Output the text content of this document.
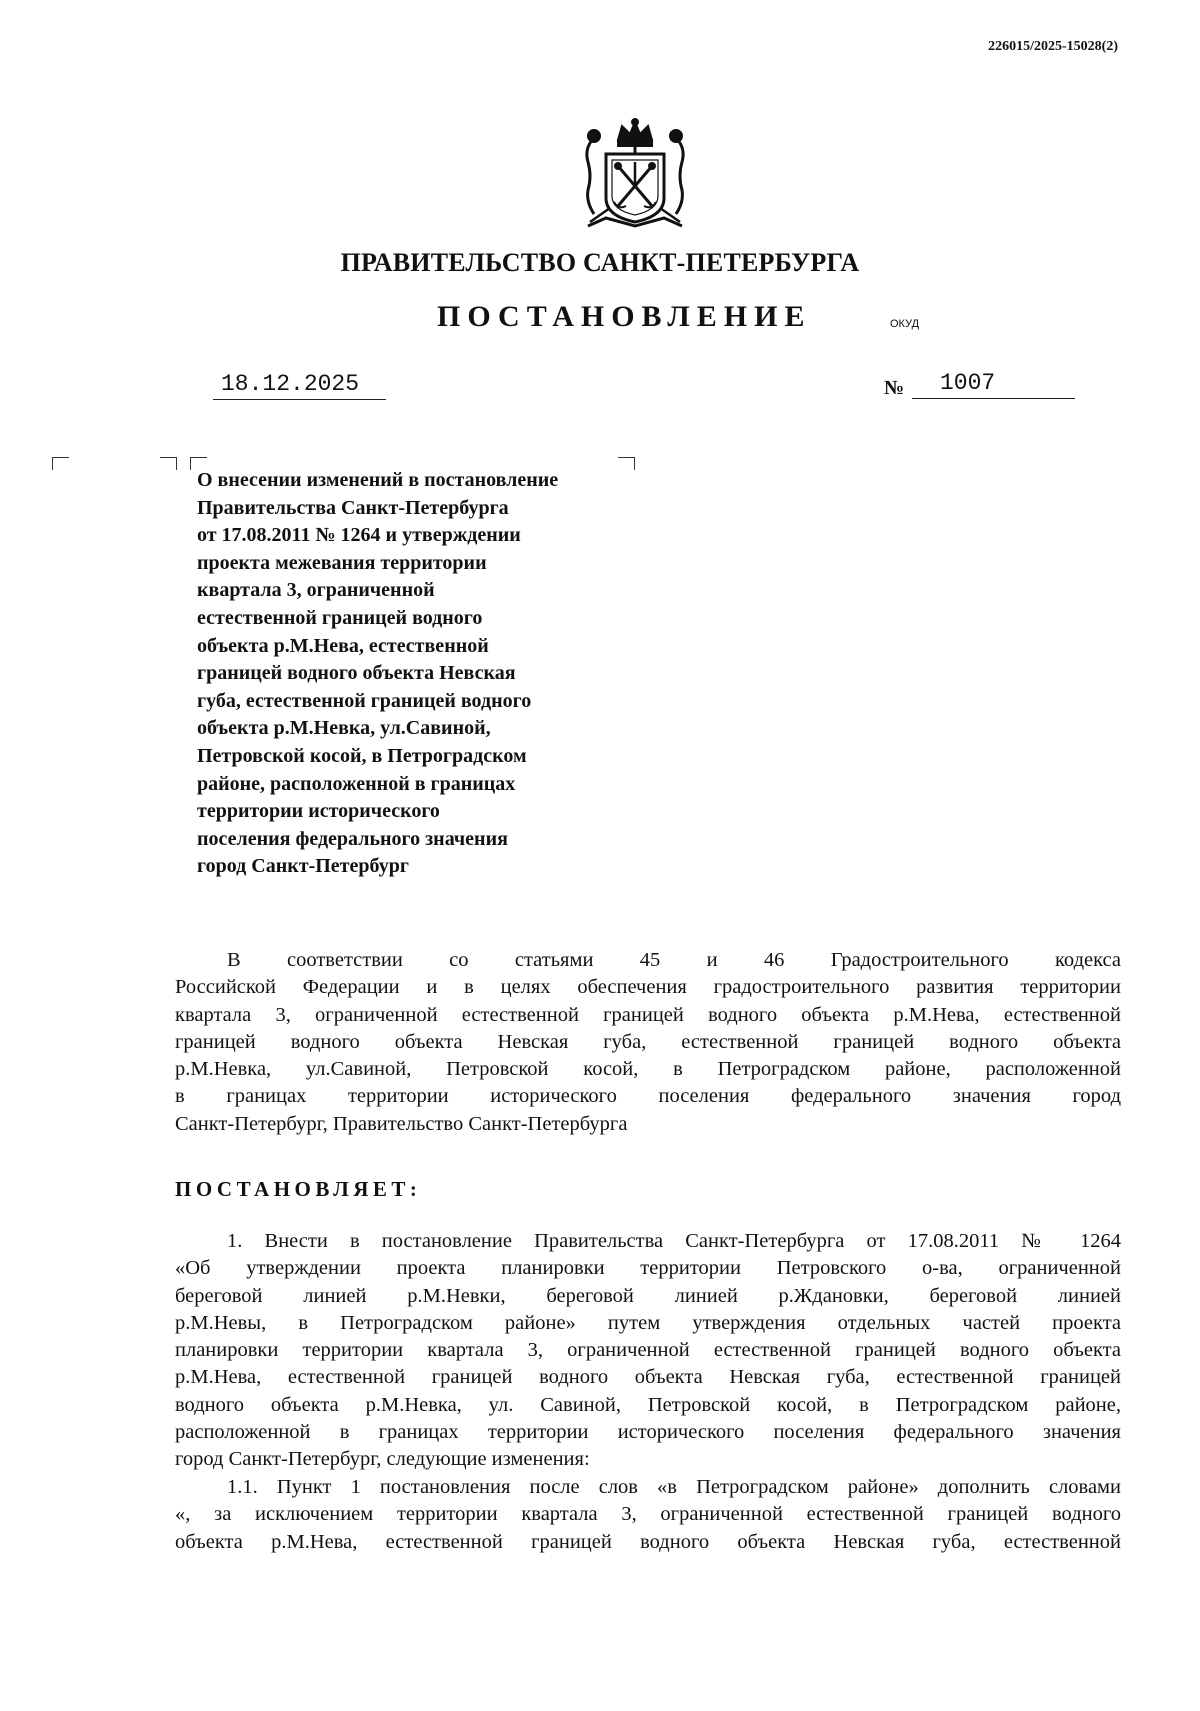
226015/2025-15028(2)
ПРАВИТЕЛЬСТВО САНКТ-ПЕТЕРБУРГА
ПОСТАНОВЛЕНИЕ	ОКУД
18.12.2025	№	1007
О внесении изменений в постановление
Правительства Санкт-Петербурга
от 17.08.2011 № 1264 и утверждении
проекта межевания территории
квартала 3, ограниченной
естественной границей водного
объекта р.М.Нева, естественной
границей водного объекта Невская
губа, естественной границей водного
объекта р.М.Невка, ул.Савиной,
Петровской косой, в Петроградском
районе, расположенной в границах
территории исторического
поселения федерального значения
город Санкт-Петербург
В соответствии со статьями 45 и 46 Градостроительного кодекса
Российской Федерации и в целях обеспечения градостроительного развития территории
квартала 3, ограниченной естественной границей водного объекта р.М.Нева, естественной
границей водного объекта Невская губа, естественной границей водного объекта
р.М.Невка, ул.Савиной, Петровской косой, в Петроградском районе, расположенной
в границах территории исторического поселения федерального значения город
Санкт-Петербург, Правительство Санкт-Петербурга
ПОСТАНОВЛЯЕТ:
1. Внести в постановление Правительства Санкт-Петербурга от 17.08.2011 № 1264
«Об утверждении проекта планировки территории Петровского о-ва, ограниченной
береговой линией р.М.Невки, береговой линией р.Ждановки, береговой линией
р.М.Невы, в Петроградском районе» путем утверждения отдельных частей проекта
планировки территории квартала 3, ограниченной естественной границей водного объекта
р.М.Нева, естественной границей водного объекта Невская губа, естественной границей
водного объекта р.М.Невка, ул. Савиной, Петровской косой, в Петроградском районе,
расположенной в границах территории исторического поселения федерального значения
город Санкт-Петербург, следующие изменения:
1.1. Пункт 1 постановления после слов «в Петроградском районе» дополнить словами
«, за исключением территории квартала 3, ограниченной естественной границей водного
объекта р.М.Нева, естественной границей водного объекта Невская губа, естественной
